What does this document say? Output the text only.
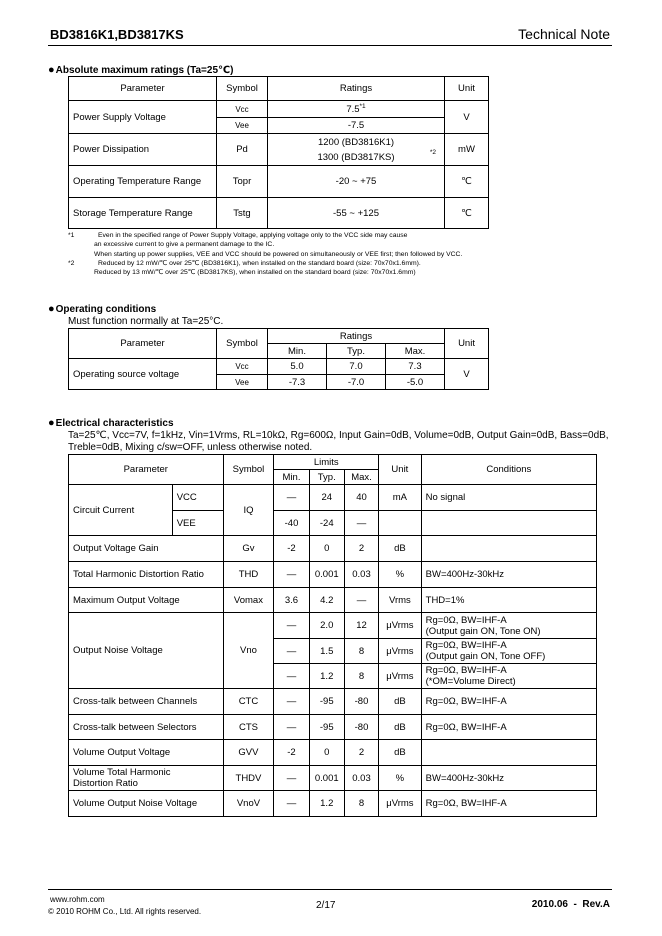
BD3816K1,BD3817KS	Technical Note
●Absolute maximum ratings (Ta=25℃)
Parameter	Symbol	Ratings	Unit
Power Supply Voltage	Vcc	7.5$^{*1}$	V
	Vee	-7.5	
Power Dissipation	Pd	1200 (BD3816K1)
1300 (BD3817KS) *2	mW
Operating Temperature Range	Topr	-20 ~ +75	℃
Storage Temperature Range	Tstg	-55 ~ +125	℃
*1	Even in the specified range of Power Supply Voltage, applying voltage only to the VCC side may cause
an excessive current to give a permanent damage to the IC.
When starting up power supplies, VEE and VCC should be powered on simultaneously or VEE first; then followed by VCC.
*2	Reduced by 12 mW/℃ over 25℃ (BD3816K1), when installed on the standard board (size: 70x70x1.6mm).
Reduced by 13 mW/℃ over 25℃ (BD3817KS), when installed on the standard board (size: 70x70x1.6mm)
●Operating conditions
Must function normally at Ta=25°C.
Parameter	Symbol	Ratings			Unit
		Min.	Typ.	Max.	
Operating source voltage	Vcc	5.0	7.0	7.3	V
	Vee	-7.3	-7.0	-5.0	
●Electrical characteristics
Ta=25℃, Vcc=7V, f=1kHz, Vin=1Vrms, RL=10kΩ, Rg=600Ω, Input Gain=0dB, Volume=0dB, Output Gain=0dB, Bass=0dB,
Treble=0dB, Mixing c/sw=OFF, unless otherwise noted.
Parameter		Symbol	Limits			Unit	Conditions
			Min.	Typ.	Max.		
Circuit Current	VCC	IQ	—	24	40	mA	No signal
	VEE		-40	-24	—		
Output Voltage Gain		Gv	-2	0	2	dB	
Total Harmonic Distortion Ratio		THD	—	0.001	0.03	%	BW=400Hz-30kHz
Maximum Output Voltage		Vomax	3.6	4.2	—	Vrms	THD=1%
Output Noise Voltage		Vno	—	2.0	12	μVrms	Rg=0Ω, BW=IHF-A
(Output gain ON, Tone ON)

			—	1.5	8	μVrms	Rg=0Ω, BW=IHF-A
(Output gain ON, Tone OFF)

			—	1.2	8	μVrms	Rg=0Ω, BW=IHF-A
(*OM=Volume Direct)

Cross-talk between Channels		CTC	—	-95	-80	dB	Rg=0Ω, BW=IHF-A
Cross-talk between Selectors		CTS	—	-95	-80	dB	Rg=0Ω, BW=IHF-A
Volume Output Voltage		GVV	-2	0	2	dB	

Volume Total Harmonic
Distortion Ratio		THDV	—	0.001	0.03	%	BW=400Hz-30kHz
Volume Output Noise Voltage		VnoV	—	1.2	8	μVrms	Rg=0Ω, BW=IHF-A
www.rohm.com
© 2010 ROHM Co., Ltd. All rights reserved.
2/17	2010.06  -  Rev.A
